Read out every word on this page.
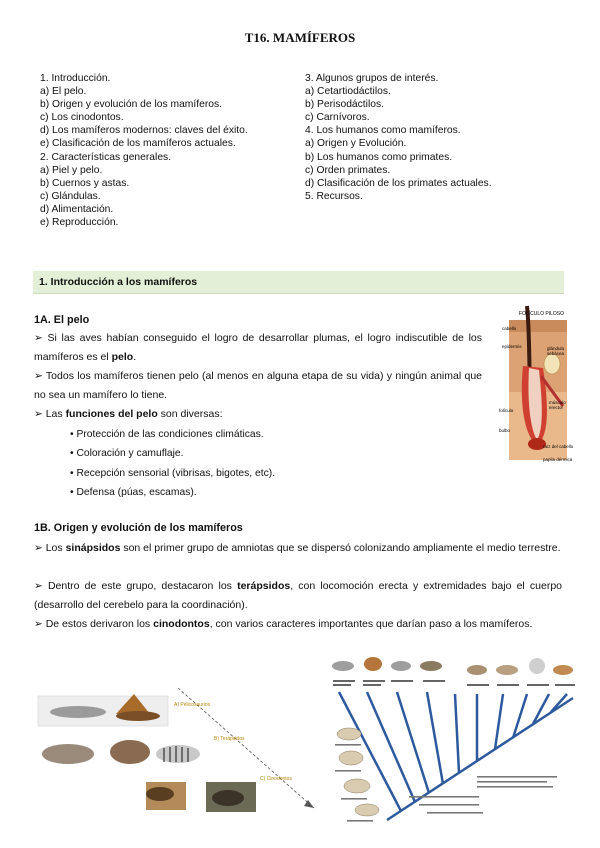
T16. MAMÍFEROS
1. Introducción.
a) El pelo.
b) Origen y evolución de los mamíferos.
c) Los cinodontos.
d) Los mamíferos modernos: claves del éxito.
e) Clasificación de los mamíferos actuales.
2. Características generales.
a) Piel y pelo.
b) Cuernos y astas.
c) Glándulas.
d) Alimentación.
e) Reproducción.
3. Algunos grupos de interés.
a) Cetartiodáctilos.
b) Perisodáctilos.
c) Carnívoros.
4. Los humanos como mamíferos.
a) Origen y Evolución.
b) Los humanos como primates.
c) Orden primates.
d) Clasificación de los primates actuales.
5. Recursos.
1. Introducción a los mamíferos
1A. El pelo
➢ Si las aves habían conseguido el logro de desarrollar plumas, el logro indiscutible de los mamíferos es el pelo.
➢ Todos los mamíferos tienen pelo (al menos en alguna etapa de su vida) y ningún animal que no sea un mamífero lo tiene.
➢ Las funciones del pelo son diversas:
• Protección de las condiciones climáticas.
• Coloración y camuflaje.
• Recepción sensorial (vibrisas, bigotes, etc).
• Defensa (púas, escamas).
FOLÍCULO PILOSO
cabello
epidermis	glándula
sebácea
músculo
erector
folículo
bulbo
raíz del cabello
papila dérmica
1B. Origen y evolución de los mamíferos
➢ Los sinápsidos son el primer grupo de amniotas que se dispersó colonizando ampliamente el medio terrestre.
➢ Dentro de este grupo, destacaron los terápsidos, con locomoción erecta y extremidades bajo el cuerpo (desarrollo del cerebelo para la coordinación).
➢ De estos derivaron los cinodontos, con varios caracteres importantes que darían paso a los mamíferos.
A) Pelicosaurios
B) Terápsidos
C) Cinodontos
